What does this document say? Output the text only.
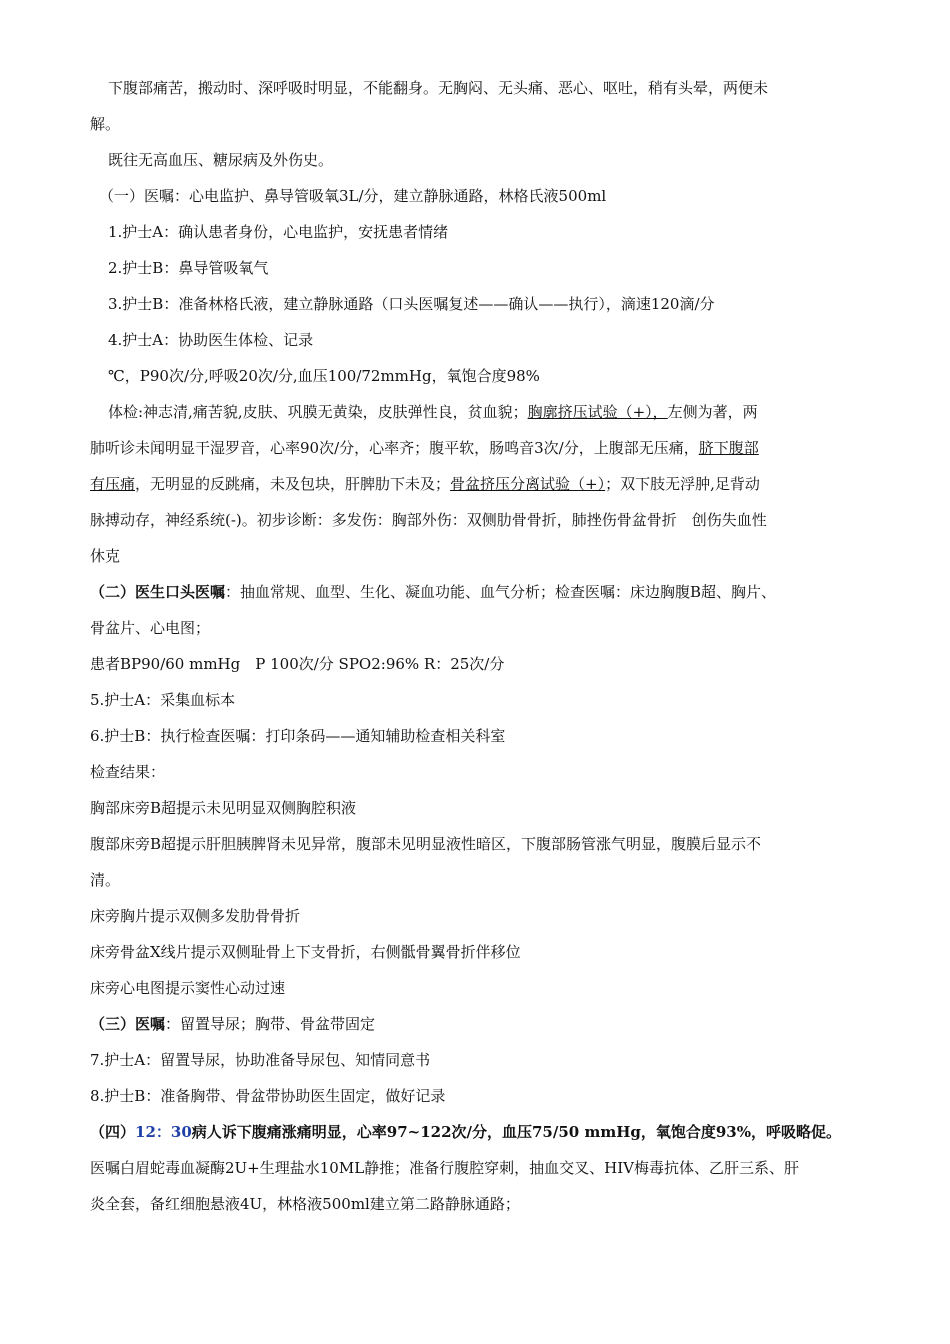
下腹部痛苦，搬动时、深呼吸时明显，不能翻身。无胸闷、无头痛、恶心、呕吐，稍有头晕，两便未
解。
既往无高血压、糖尿病及外伤史。
（一）医嘱：心电监护、鼻导管吸氧3L/分，建立静脉通路，林格氏液500ml
1.护士A：确认患者身份，心电监护，安抚患者情绪
2.护士B：鼻导管吸氧气
3.护士B：准备林格氏液，建立静脉通路（口头医嘱复述——确认——执行），滴速120滴/分
4.护士A：协助医生体检、记录
℃，P90次/分,呼吸20次/分,血压100/72mmHg，氧饱合度98%
体检:神志清,痛苦貌,皮肤、巩膜无黄染，皮肤弹性良，贫血貌；胸廓挤压试验（+），左侧为著，两
肺听诊未闻明显干湿罗音，心率90次/分，心率齐；腹平软，肠鸣音3次/分，上腹部无压痛，脐下腹部
有压痛，无明显的反跳痛，未及包块，肝脾肋下未及；骨盆挤压分离试验（+）；双下肢无浮肿,足背动
脉搏动存，神经系统(-)。初步诊断：多发伤：胸部外伤：双侧肋骨骨折，肺挫伤骨盆骨折　创伤失血性
休克
（二）医生口头医嘱：抽血常规、血型、生化、凝血功能、血气分析；检查医嘱：床边胸腹B超、胸片、
骨盆片、心电图；
患者BP90/60 mmHg　P 100次/分 SPO2:96% R：25次/分
5.护士A：采集血标本
6.护士B：执行检查医嘱：打印条码——通知辅助检查相关科室
检查结果：
胸部床旁B超提示未见明显双侧胸腔积液
腹部床旁B超提示肝胆胰脾肾未见异常，腹部未见明显液性暗区，下腹部肠管涨气明显，腹膜后显示不
清。
床旁胸片提示双侧多发肋骨骨折
床旁骨盆X线片提示双侧耻骨上下支骨折，右侧骶骨翼骨折伴移位
床旁心电图提示窦性心动过速
（三）医嘱：留置导尿；胸带、骨盆带固定
7.护士A：留置导尿，协助准备导尿包、知情同意书
8.护士B：准备胸带、骨盆带协助医生固定，做好记录
（四）12：30病人诉下腹痛涨痛明显，心率97~122次/分，血压75/50 mmHg，氧饱合度93%，呼吸略促。
医嘱白眉蛇毒血凝酶2U+生理盐水10ML静推；准备行腹腔穿刺，抽血交叉、HIV梅毒抗体、乙肝三系、肝
炎全套，备红细胞悬液4U，林格液500ml建立第二路静脉通路；
